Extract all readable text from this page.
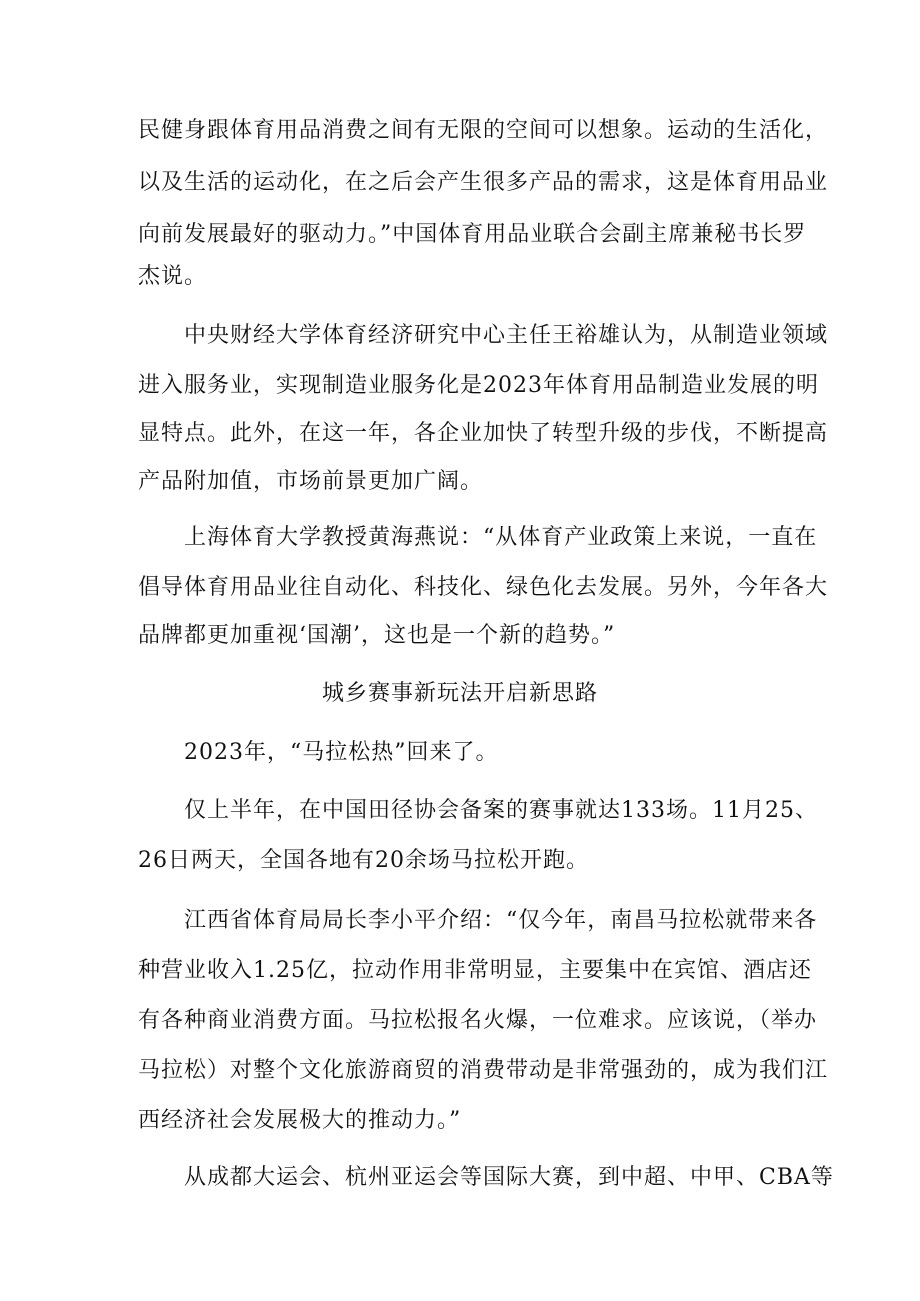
民健身跟体育用品消费之间有无限的空间可以想象。运动的生活化，
以及生活的运动化，在之后会产生很多产品的需求，这是体育用品业
向前发展最好的驱动力。”中国体育用品业联合会副主席兼秘书长罗
杰说。
中央财经大学体育经济研究中心主任王裕雄认为，从制造业领域
进入服务业，实现制造业服务化是2023年体育用品制造业发展的明
显特点。此外，在这一年，各企业加快了转型升级的步伐，不断提高
产品附加值，市场前景更加广阔。
上海体育大学教授黄海燕说：“从体育产业政策上来说，一直在
倡导体育用品业往自动化、科技化、绿色化去发展。另外，今年各大
品牌都更加重视‘国潮’，这也是一个新的趋势。”
城乡赛事新玩法开启新思路
2023年，“马拉松热”回来了。
仅上半年，在中国田径协会备案的赛事就达133场。11月25、
26日两天，全国各地有20余场马拉松开跑。
江西省体育局局长李小平介绍：“仅今年，南昌马拉松就带来各
种营业收入1.25亿，拉动作用非常明显，主要集中在宾馆、酒店还
有各种商业消费方面。马拉松报名火爆，一位难求。应该说，（举办
马拉松）对整个文化旅游商贸的消费带动是非常强劲的，成为我们江
西经济社会发展极大的推动力。”
从成都大运会、杭州亚运会等国际大赛，到中超、中甲、CBA等
